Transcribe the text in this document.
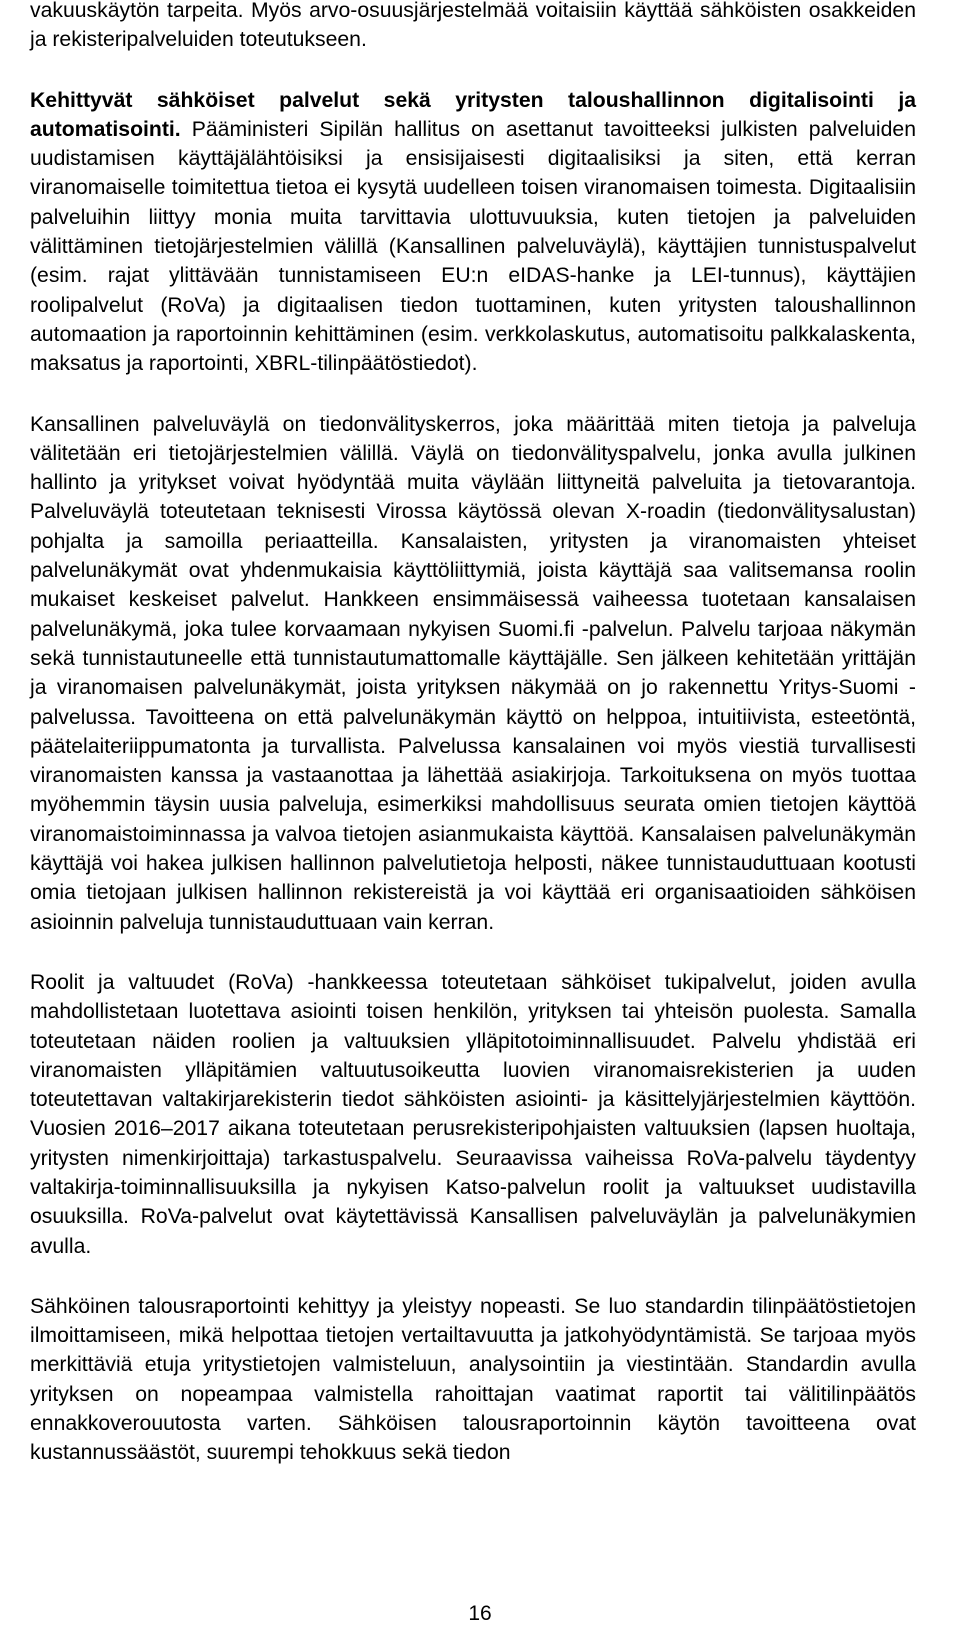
vakuuskäytön tarpeita. Myös arvo-osuusjärjestelmää voitaisiin käyttää sähköisten osakkeiden ja rekisteripalveluiden toteutukseen.

Kehittyvät sähköiset palvelut sekä yritysten taloushallinnon digitalisointi ja automatisointi. Pääministeri Sipilän hallitus on asettanut tavoitteeksi julkisten palveluiden uudistamisen käyttäjälähtöisiksi ja ensisijaisesti digitaalisiksi ja siten, että kerran viranomaiselle toimitettua tietoa ei kysytä uudelleen toisen viranomaisen toimesta. Digitaalisiin palveluihin liittyy monia muita tarvittavia ulottuvuuksia, kuten tietojen ja palveluiden välittäminen tietojärjestelmien välillä (Kansallinen palveluväylä), käyttäjien tunnistuspalvelut (esim. rajat ylittävään tunnistamiseen EU:n eIDAS-hanke ja LEI-tunnus), käyttäjien roolipalvelut (RoVa) ja digitaalisen tiedon tuottaminen, kuten yritysten taloushallinnon automaation ja raportoinnin kehittäminen (esim. verkkolaskutus, automatisoitu palkkalaskenta, maksatus ja raportointi, XBRL-tilinpäätöstiedot).

Kansallinen palveluväylä on tiedonvälityskerros, joka määrittää miten tietoja ja palveluja välitetään eri tietojärjestelmien välillä. Väylä on tiedonvälityspalvelu, jonka avulla julkinen hallinto ja yritykset voivat hyödyntää muita väylään liittyneitä palveluita ja tietovarantoja. Palveluväylä toteutetaan teknisesti Virossa käytössä olevan X-roadin (tiedonvälitysalustan) pohjalta ja samoilla periaatteilla. Kansalaisten, yritysten ja viranomaisten yhteiset palvelunäkymät ovat yhdenmukaisia käyttöliittymiä, joista käyttäjä saa valitsemansa roolin mukaiset keskeiset palvelut. Hankkeen ensimmäisessä vaiheessa tuotetaan kansalaisen palvelunäkymä, joka tulee korvaamaan nykyisen Suomi.fi -palvelun. Palvelu tarjoaa näkymän sekä tunnistautuneelle että tunnistautumattomalle käyttäjälle. Sen jälkeen kehitetään yrittäjän ja viranomaisen palvelunäkymät, joista yrityksen näkymää on jo rakennettu Yritys-Suomi -palvelussa. Tavoitteena on että palvelunäkymän käyttö on helppoa, intuitiivista, esteetöntä, päätelaiteriippumatonta ja turvallista. Palvelussa kansalainen voi myös viestiä turvallisesti viranomaisten kanssa ja vastaanottaa ja lähettää asiakirjoja. Tarkoituksena on myös tuottaa myöhemmin täysin uusia palveluja, esimerkiksi mahdollisuus seurata omien tietojen käyttöä viranomaistoiminnassa ja valvoa tietojen asianmukaista käyttöä. Kansalaisen palvelunäkymän käyttäjä voi hakea julkisen hallinnon palvelutietoja helposti, näkee tunnistauduttuaan kootusti omia tietojaan julkisen hallinnon rekistereistä ja voi käyttää eri organisaatioiden sähköisen asioinnin palveluja tunnistauduttuaan vain kerran.

Roolit ja valtuudet (RoVa) -hankkeessa toteutetaan sähköiset tukipalvelut, joiden avulla mahdollistetaan luotettava asiointi toisen henkilön, yrityksen tai yhteisön puolesta. Samalla toteutetaan näiden roolien ja valtuuksien ylläpitotoiminnallisuudet. Palvelu yhdistää eri viranomaisten ylläpitämien valtuutusoikeutta luovien viranomaisrekisterien ja uuden toteutettavan valtakirjarekisterin tiedot sähköisten asiointi- ja käsittelyjärjestelmien käyttöön. Vuosien 2016–2017 aikana toteutetaan perusrekisteripohjaisten valtuuksien (lapsen huoltaja, yritysten nimenkirjoittaja) tarkastuspalvelu. Seuraavissa vaiheissa RoVa-palvelu täydentyy valtakirja-toiminnallisuuksilla ja nykyisen Katso-palvelun roolit ja valtuukset uudistavilla osuuksilla. RoVa-palvelut ovat käytettävissä Kansallisen palveluväylän ja palvelunäkymien avulla.

Sähköinen talousraportointi kehittyy ja yleistyy nopeasti. Se luo standardin tilinpäätöstietojen ilmoittamiseen, mikä helpottaa tietojen vertailtavuutta ja jatkohyödyntämistä. Se tarjoaa myös merkittäviä etuja yritystietojen valmisteluun, analysointiin ja viestintään. Standardin avulla yrityksen on nopeampaa valmistella rahoittajan vaatimat raportit tai välitilinpäätös ennakkoverouutosta varten. Sähköisen talousraportoinnin käytön tavoitteena ovat kustannussäästöt, suurempi tehokkuus sekä tiedon

16
